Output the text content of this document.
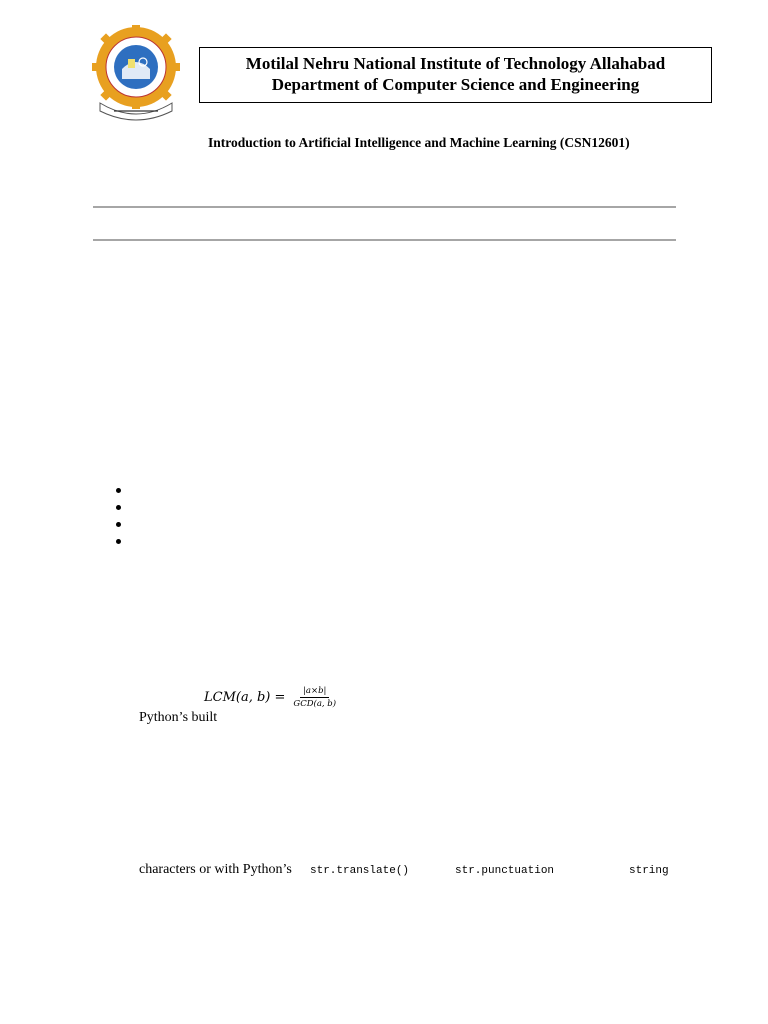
Motilal Nehru National Institute of Technology Allahabad
Department of Computer Science and Engineering
Introduction to Artificial Intelligence and Machine Learning (CSN12601)
LCM(a, $b) = \frac{|a\times b|}{\text{GCD(a, b)}}$
Python’s built
characters or with Python’s str.translate()	str.punctuation	string
